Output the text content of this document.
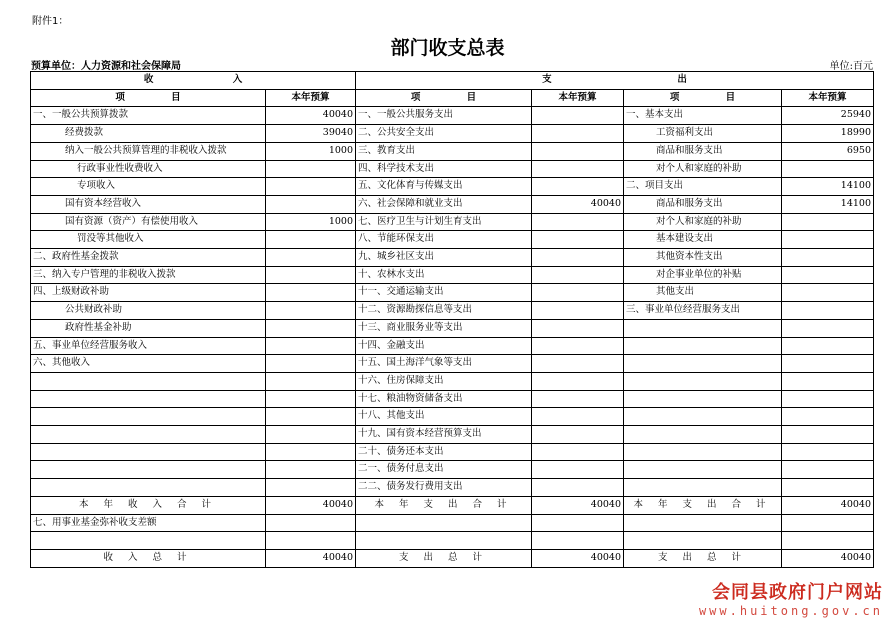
附件1：
部门收支总表
预算单位：人力资源和社会保障局	单位:百元
收                        入		支                                      出			
项              目	本年预算	项              目	本年预算	项              目	本年预算
一、一般公共预算拨款	40040	一、一般公共服务支出		一、基本支出	25940
经费拨款	39040	二、公共安全支出		工资福利支出	18990
纳入一般公共预算管理的非税收入拨款	1000	三、教育支出		商品和服务支出	6950
行政事业性收费收入		四、科学技术支出		对个人和家庭的补助	
专项收入		五、文化体育与传媒支出		二、项目支出	14100
国有资本经营收入		六、社会保障和就业支出	40040	商品和服务支出	14100
国有资源（资产）有偿使用收入	1000	七、医疗卫生与计划生育支出		对个人和家庭的补助	
罚没等其他收入		八、节能环保支出		基本建设支出	
二、政府性基金拨款		九、城乡社区支出		其他资本性支出	
三、纳入专户管理的非税收入拨款		十、农林水支出		对企事业单位的补贴	
四、上级财政补助		十一、交通运输支出		其他支出	
公共财政补助		十二、资源勘探信息等支出		三、事业单位经营服务支出	
政府性基金补助		十三、商业服务业等支出			
五、事业单位经营服务收入		十四、金融支出			
六、其他收入		十五、国土海洋气象等支出			
		十六、住房保障支出			
		十七、粮油物资储备支出			
		十八、其他支出			
		十九、国有资本经营预算支出			
		二十、债务还本支出			
		二一、债务付息支出			
		二二、债务发行费用支出			
本 年 收 入 合 计	40040	本 年 支 出 合 计	40040	本 年 支 出 合 计	40040
七、用事业基金弥补收支差额					

收 入 总 计	40040	支 出 总 计	40040	支 出 总 计	40040
会同县政府门户网站
www.huitong.gov.cn
